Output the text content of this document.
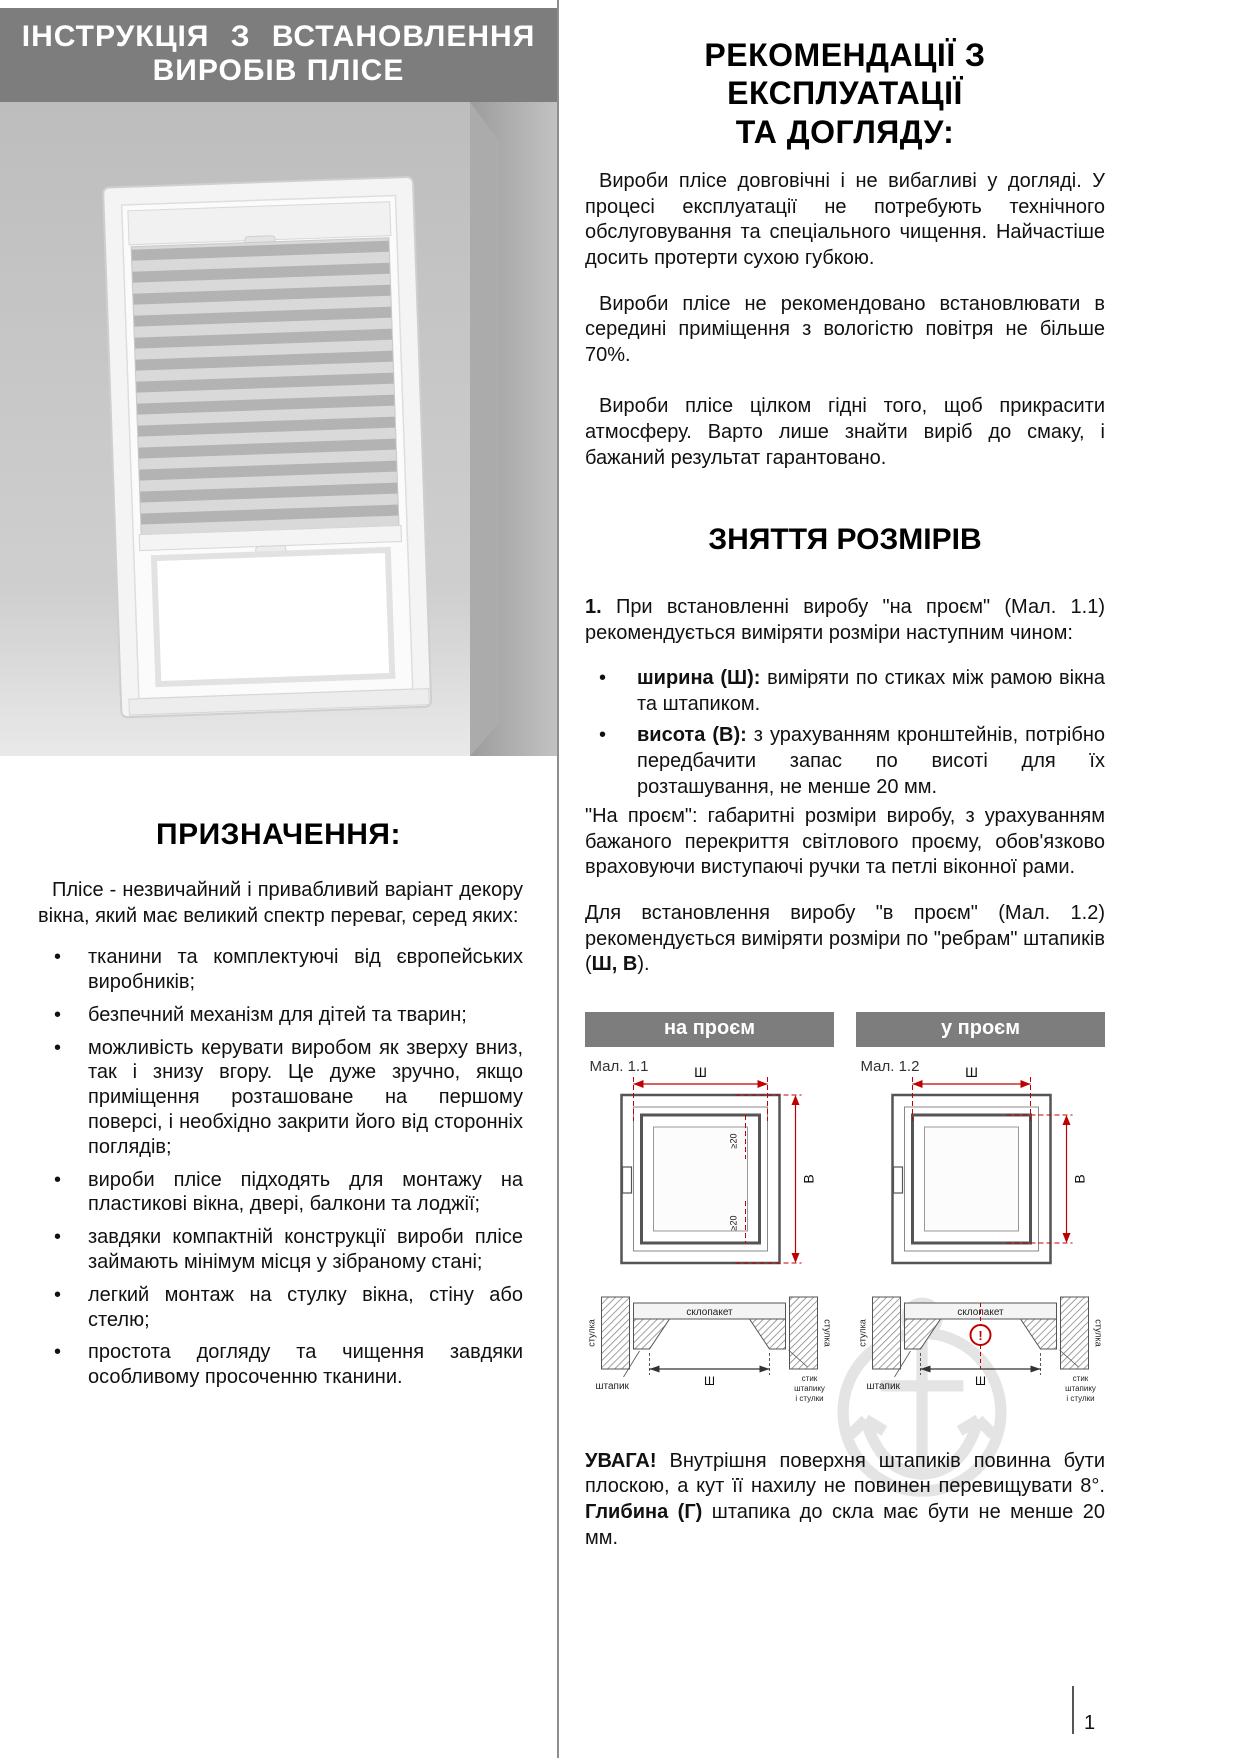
ІНСТРУКЦІЯ З ВСТАНОВЛЕННЯ
ВИРОБІВ ПЛІСЕ
ПРИЗНАЧЕННЯ:

Плісе - незвичайний і привабливий варіант декору вікна, який має великий спектр переваг, серед яких:

• тканини та комплектуючі від європейських виробників;
• безпечний механізм для дітей та тварин;
• можливість керувати виробом як зверху вниз, так і знизу вгору. Це дуже зручно, якщо приміщення розташоване на першому поверсі, і необхідно закрити його від сторонніх поглядів;
• вироби плісе підходять для монтажу на пластикові вікна, двері, балкони та лоджії;
• завдяки компактній конструкції вироби плісе займають мінімум місця у зібраному стані;
• легкий монтаж на стулку вікна, стіну або стелю;
• простота догляду та чищення завдяки особливому просоченню тканини.
РЕКОМЕНДАЦІЇ З ЕКСПЛУАТАЦІЇ
ТА ДОГЛЯДУ:

Вироби плісе довговічні і не вибагливі у догляді. У процесі експлуатації не потребують технічного обслуговування та спеціального чищення. Найчастіше досить протерти сухою губкою.

Вироби плісе не рекомендовано встановлювати в середині приміщення з вологістю повітря не більше 70%.

Вироби плісе цілком гідні того, щоб прикрасити атмосферу. Варто лише знайти виріб до смаку, і бажаний результат гарантовано.

ЗНЯТТЯ РОЗМІРІВ

1. При встановленні виробу "на проєм" (Мал. 1.1) рекомендується виміряти розміри наступним чином:

• ширина (Ш): виміряти по стиках між рамою вікна та штапиком.
• висота (В): з урахуванням кронштейнів, потрібно передбачити запас по висоті для їх розташування, не менше 20 мм.

"На проєм": габаритні розміри виробу, з урахуванням бажаного перекриття світлового проєму, обов'язково враховуючи виступаючі ручки та петлі віконної рами.

Для встановлення виробу "в проєм" (Мал. 1.2) рекомендується виміряти розміри по "ребрам" штапиків (Ш, В).

на проєм
Мал. 1.1	Ш
В
≥20
≥20
склопакет
стулка	стулка
штапик	Ш	стик
штапику
і стулки
у проєм
Мал. 1.2	Ш
В
склопакет
!
стулка	стулка
штапик	Ш	стик
штапику
і стулки

УВАГА! Внутрішня поверхня штапиків повинна бути плоскою, а кут її нахилу не повинен перевищувати 8°. Глибина (Г) штапика до скла має бути не менше 20 мм.

1
